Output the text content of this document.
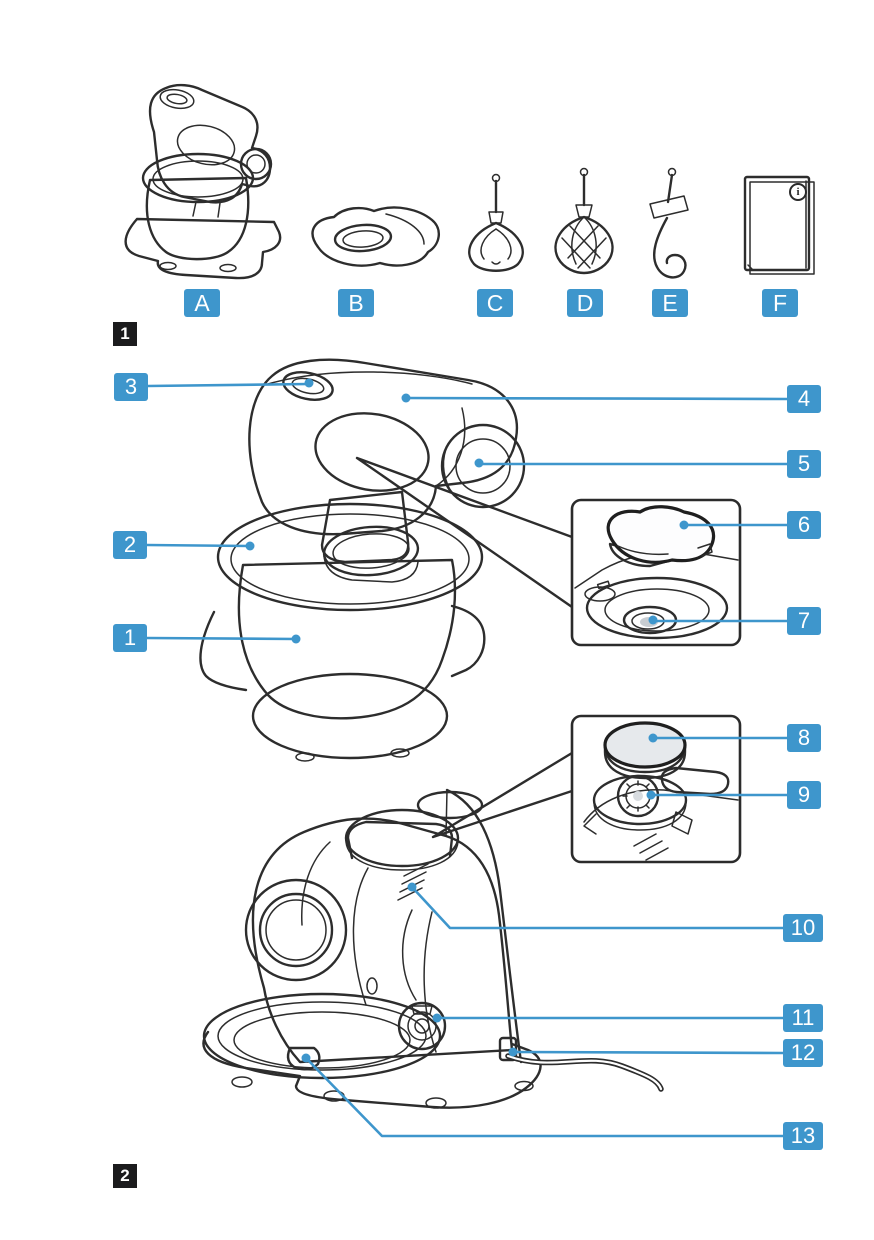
A	B	C	D	E	F
1
2
3	4
5
6
7
2
1
8
9
10
11
12
13
i
